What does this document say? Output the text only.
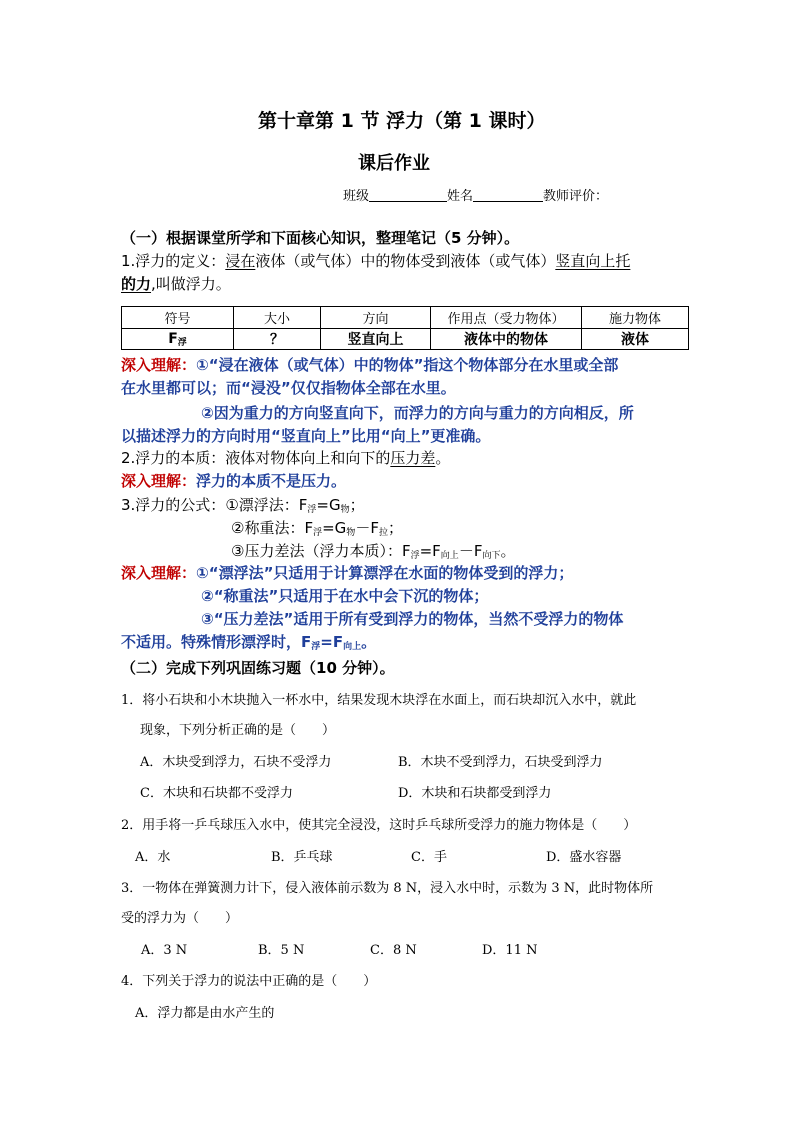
第十章第 1 节 浮力（第 1 课时）
课后作业
班级	姓名	教师评价：
（一）根据课堂所学和下面核心知识，整理笔记（5 分钟）。
1.浮力的定义：浸在液体（或气体）中的物体受到液体（或气体）竖直向上托
的力,叫做浮力。
符号	大小	方向	作用点（受力物体）	施力物体
$F_浮$	？	竖直向上	液体中的物体	液体
深入理解：①“浸在液体（或气体）中的物体”指这个物体部分在水里或全部
在水里都可以；而“浸没”仅仅指物体全部在水里。
②因为重力的方向竖直向下，而浮力的方向与重力的方向相反，所
以描述浮力的方向时用“竖直向上”比用“向上”更准确。
2.浮力的本质：液体对物体向上和向下的压力差。
深入理解：浮力的本质不是压力。
3.浮力的公式：①漂浮法：$F_浮=G_物$；
②称重法：$F_浮=G_物-F_拉$；
③压力差法（浮力本质）：$F_浮=F_{向上}-F_{向下}$。
深入理解：①“漂浮法”只适用于计算漂浮在水面的物体受到的浮力；
②“称重法”只适用于在水中会下沉的物体；
③“压力差法”适用于所有受到浮力的物体，当然不受浮力的物体
不适用。特殊情形漂浮时，$F_浮=F_{向上}$。
（二）完成下列巩固练习题（10 分钟）。
1．将小石块和小木块抛入一杯水中，结果发现木块浮在水面上，而石块却沉入水中，就此
现象，下列分析正确的是（　　）
A．木块受到浮力，石块不受浮力	B．木块不受到浮力，石块受到浮力
C．木块和石块都不受浮力	D．木块和石块都受到浮力
2．用手将一乒乓球压入水中，使其完全浸没，这时乒乓球所受浮力的施力物体是（　　）
A．水	B．乒乓球	C．手	D．盛水容器
3．一物体在弹簧测力计下，侵入液体前示数为 8 N，浸入水中时，示数为 3 N，此时物体所
受的浮力为（　　）
A．3 N	B．5 N	C．8 N	D．11 N
4．下列关于浮力的说法中正确的是（　　）
A．浮力都是由水产生的
